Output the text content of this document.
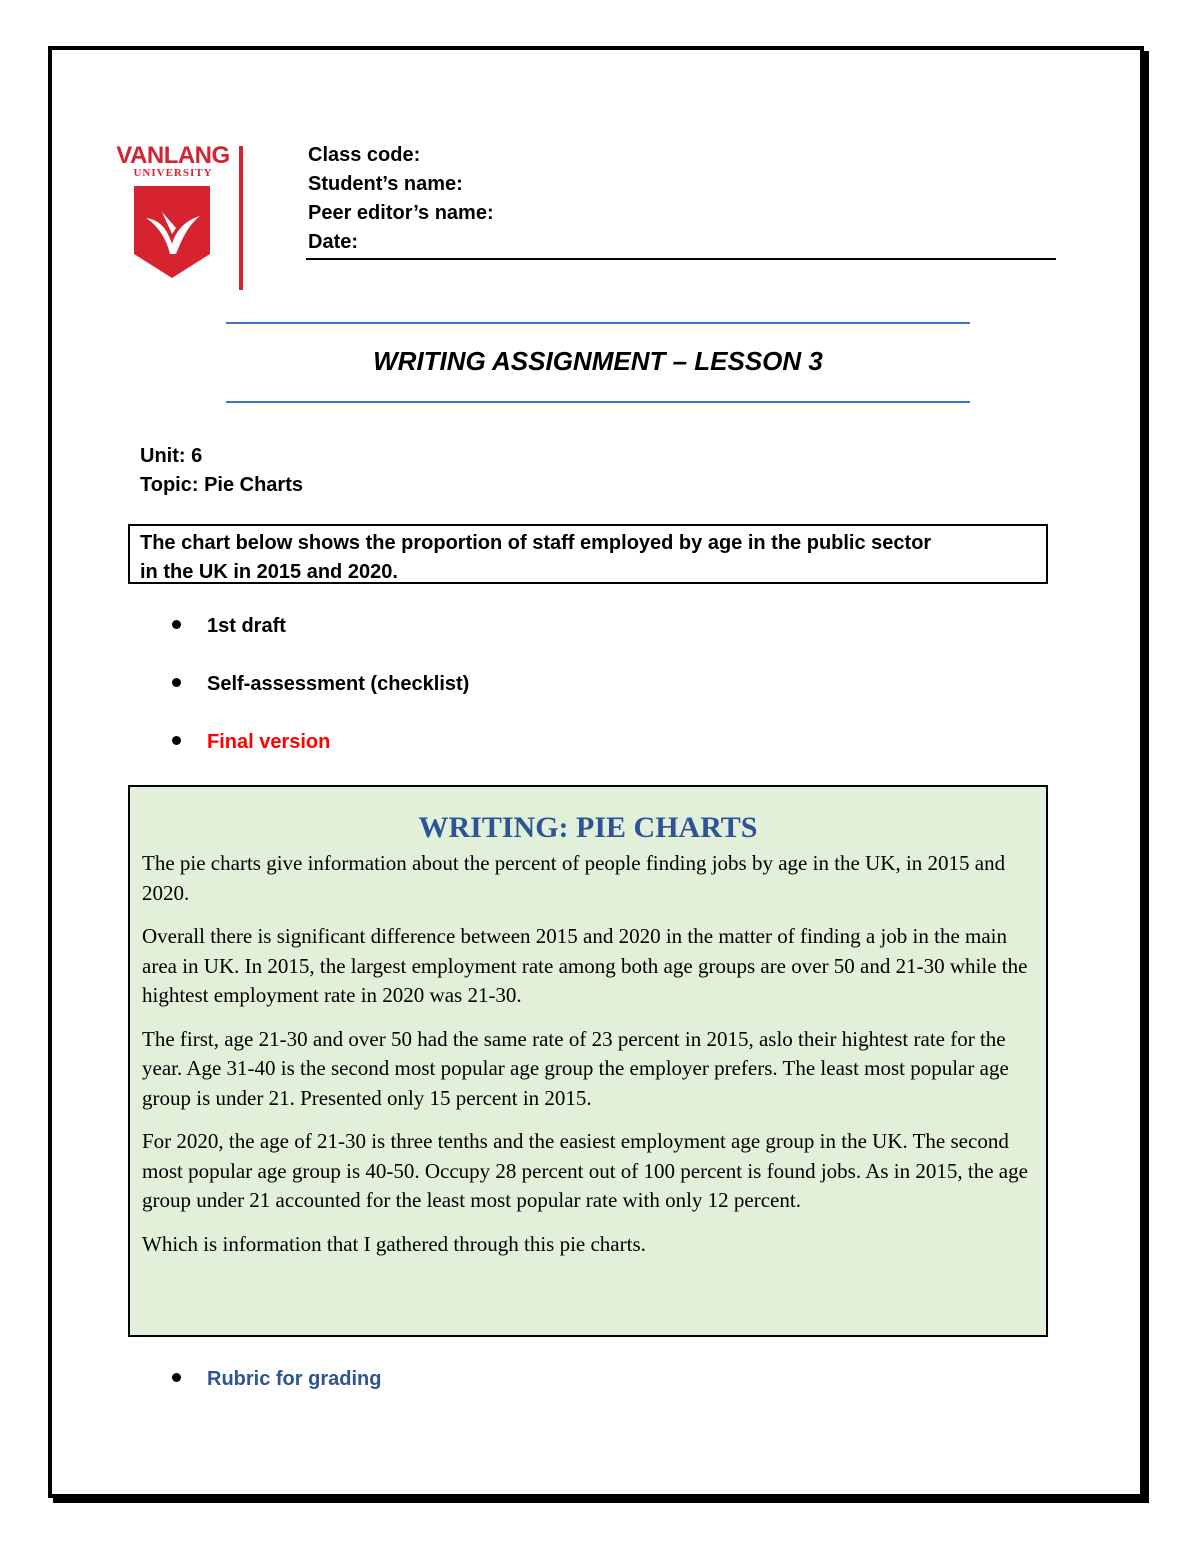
VANLANG
UNIVERSITY
Class code:
Student’s name:
Peer editor’s name:
Date:
WRITING ASSIGNMENT – LESSON 3
Unit: 6
Topic: Pie Charts
The chart below shows the proportion of staff employed by age in the public sector
in the UK in 2015 and 2020.
1st draft
Self-assessment (checklist)
Final version
WRITING: PIE CHARTS

The pie charts give information about the percent of people finding jobs by age in the UK, in 2015 and 2020.

Overall there is significant difference between 2015 and 2020 in the matter of finding a job in the main area in UK. In 2015, the largest employment rate among both age groups are over 50 and 21-30 while the hightest employment rate in 2020 was 21-30.

The first, age 21-30 and over 50 had the same rate of 23 percent in 2015, aslo their hightest rate for the year. Age 31-40 is the second most popular age group the employer prefers. The least most popular age group is under 21. Presented only 15 percent in 2015.

For 2020, the age of 21-30 is three tenths and the easiest employment age group in the UK. The second most popular age group is 40-50. Occupy 28 percent out of 100 percent is found jobs. As in 2015, the age group under 21 accounted for the least most popular rate with only 12 percent.

Which is information that I gathered through this pie charts.

Rubric for grading
